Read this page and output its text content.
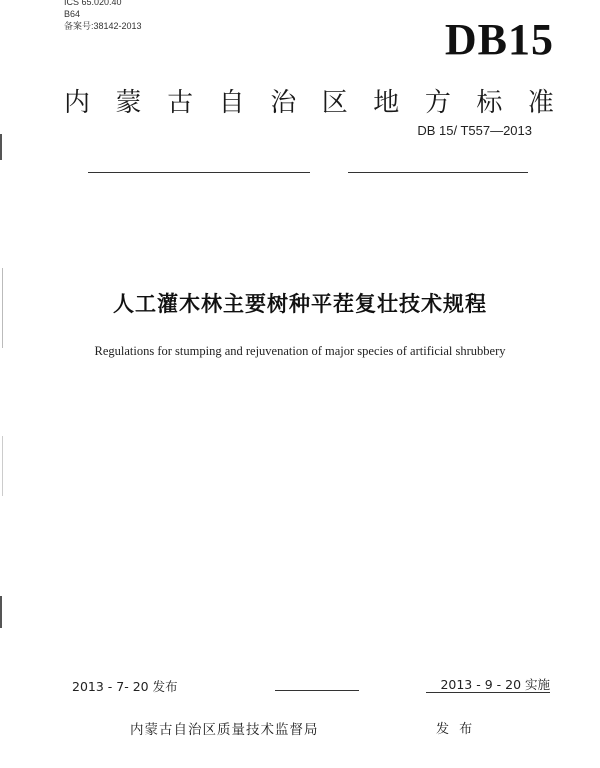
ICS 65.020.40
B64
备案号:38142-2013	DB15
内 蒙 古 自 治 区 地 方 标 准
DB 15/ T557—2013
人工灌木林主要树种平茬复壮技术规程
Regulations for stumping and rejuvenation of major species of artificial shrubbery
2013 - 7- 20 发布	2013 - 9 - 20 实施
内蒙古自治区质量技术监督局	发 布
